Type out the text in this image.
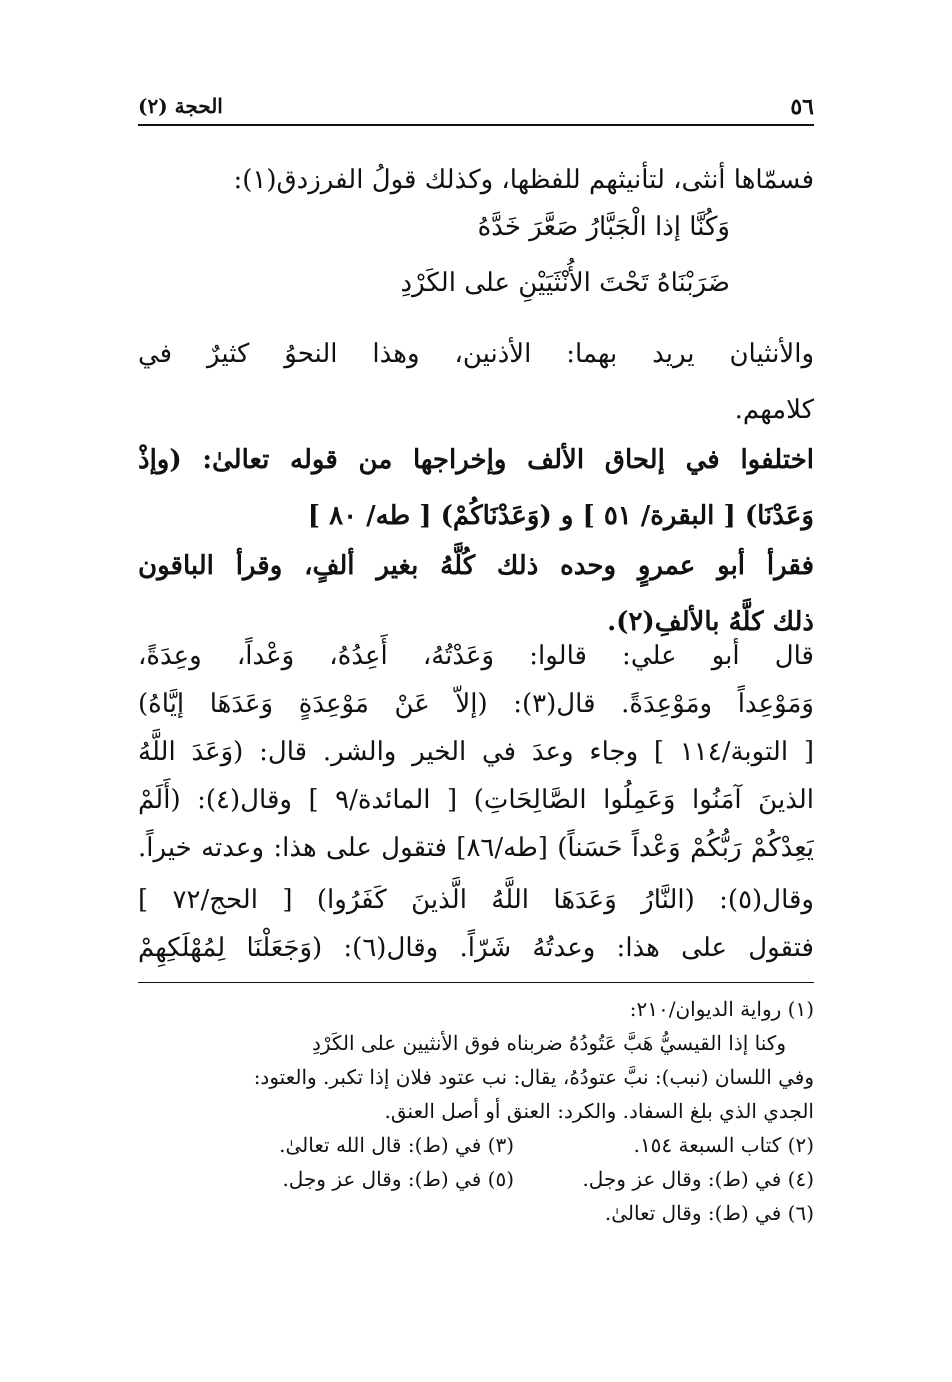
٥٦
الحجة (٢)
فسمّاها أنثى، لتأنيثهم للفظها، وكذلك قولُ الفرزدق(١):
وَكُنَّا إذا الْجَبَّارُ صَعَّرَ خَدَّهُ
ضَرَبْنَاهُ تَحْتَ الأُنْثَيَيْنِ على الكَرْدِ
والأنثيان يريد بهما: الأذنين، وهذا النحوُ كثيرٌ في
كلامهم.
اختلفوا في إلحاق الألف وإخراجها من قوله تعالىٰ: (وإذْ
وَعَدْنَا) [ البقرة/ ٥١ ] و (وَعَدْنَاكُمْ) [ طه/ ٨٠ ]
فقرأ أبو عمروٍ وحده ذلك كُلَّهُ بغير ألفٍ، وقرأ الباقون
ذلك كلَّهُ بالألفِ(٢).
قال أبو علي: قالوا: وَعَدْتُهُ، أَعِدُهُ، وَعْداً، وعِدَةً،
وَمَوْعِداً ومَوْعِدَةً. قال(٣): (إلاّ عَنْ مَوْعِدَةٍ وَعَدَهَا إيَّاهُ)
[ التوبة/١١٤ ] وجاء وعدَ في الخير والشر. قال: (وَعَدَ اللَّهُ
الذينَ آمَنُوا وَعَمِلُوا الصَّالِحَاتِ) [ المائدة/٩ ] وقال(٤): (أَلَمْ
يَعِدْكُمْ رَبُّكُمْ وَعْداً حَسَناً) [طه/٨٦] فتقول على هذا: وعدته خيراً.
وقال(٥): (النَّارُ وَعَدَهَا اللَّهُ الَّذينَ كَفَرُوا) [ الحج/٧٢ ]
فتقول على هذا: وعدتُهُ شَرّاً. وقال(٦): (وَجَعَلْنَا لِمُهْلَكِهِمْ
(١) رواية الديوان/٢١٠:
وكنا إذا القيسيُّ هَبَّ عَتُودُهُ ضربناه فوق الأنثيين على الكَرْدِ
وفي اللسان (نبب): نبَّ عتودُهُ، يقال: نب عتود فلان إذا تكبر. والعتود:
الجدي الذي بلغ السفاد. والكرد: العنق أو أصل العنق.
(٢) كتاب السبعة ١٥٤.
(٣) في (ط): قال الله تعالىٰ.
(٤) في (ط): وقال عز وجل.
(٥) في (ط): وقال عز وجل.
(٦) في (ط): وقال تعالىٰ.
